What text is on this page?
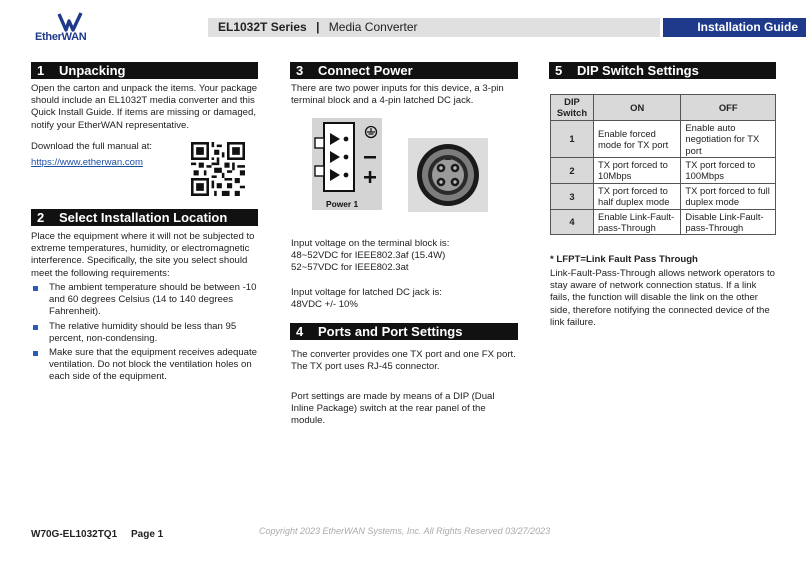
EtherWAN
EL1032T Series | Media Converter	Installation Guide
1 Unpacking
Open the carton and unpack the items. Your package should include an EL1032T media converter and this Quick Install Guide. If items are missing or damaged, notify your EtherWAN representative.
Download the full manual at:
https://www.etherwan.com
2 Select Installation Location
Place the equipment where it will not be subjected to extreme temperatures, humidity, or electromagnetic interference. Specifically, the site you select should meet the following requirements:
The ambient temperature should be between -10 and 60 degrees Celsius (14 to 140 degrees Fahrenheit).
The relative humidity should be less than 95 percent, non-condensing.
Make sure that the equipment receives adequate ventilation. Do not block the ventilation holes on each side of the equipment.
3 Connect Power
There are two power inputs for this device, a 3-pin terminal block and a 4-pin latched DC jack.
Power 1
Input voltage on the terminal block is:
48~52VDC for IEEE802.3af (15.4W)
52~57VDC for IEEE802.3at
Input voltage for latched DC jack is:
48VDC +/- 10%
4 Ports and Port Settings
The converter provides one TX port and one FX port. The TX port uses RJ-45 connector.
Port settings are made by means of a DIP (Dual Inline Package) switch at the rear panel of the module.
5 DIP Switch Settings
DIP Switch	ON	OFF
1	Enable forced mode for TX port	Enable auto negotiation for TX port
2	TX port forced to 10Mbps	TX port forced to 100Mbps
3	TX port forced to half duplex mode	TX port forced to full duplex mode
4	Enable Link-Fault-pass-Through	Disable Link-Fault-pass-Through
* LFPT=Link Fault Pass Through
Link-Fault-Pass-Through allows network operators to stay aware of network connection status. If a link fails, the function will disable the link on the other side, therefore notifying the connected device of the link failure.
W70G-EL1032TQ1 Page 1	Copyright 2023 EtherWAN Systems, Inc. All Rights Reserved 03/27/2023
